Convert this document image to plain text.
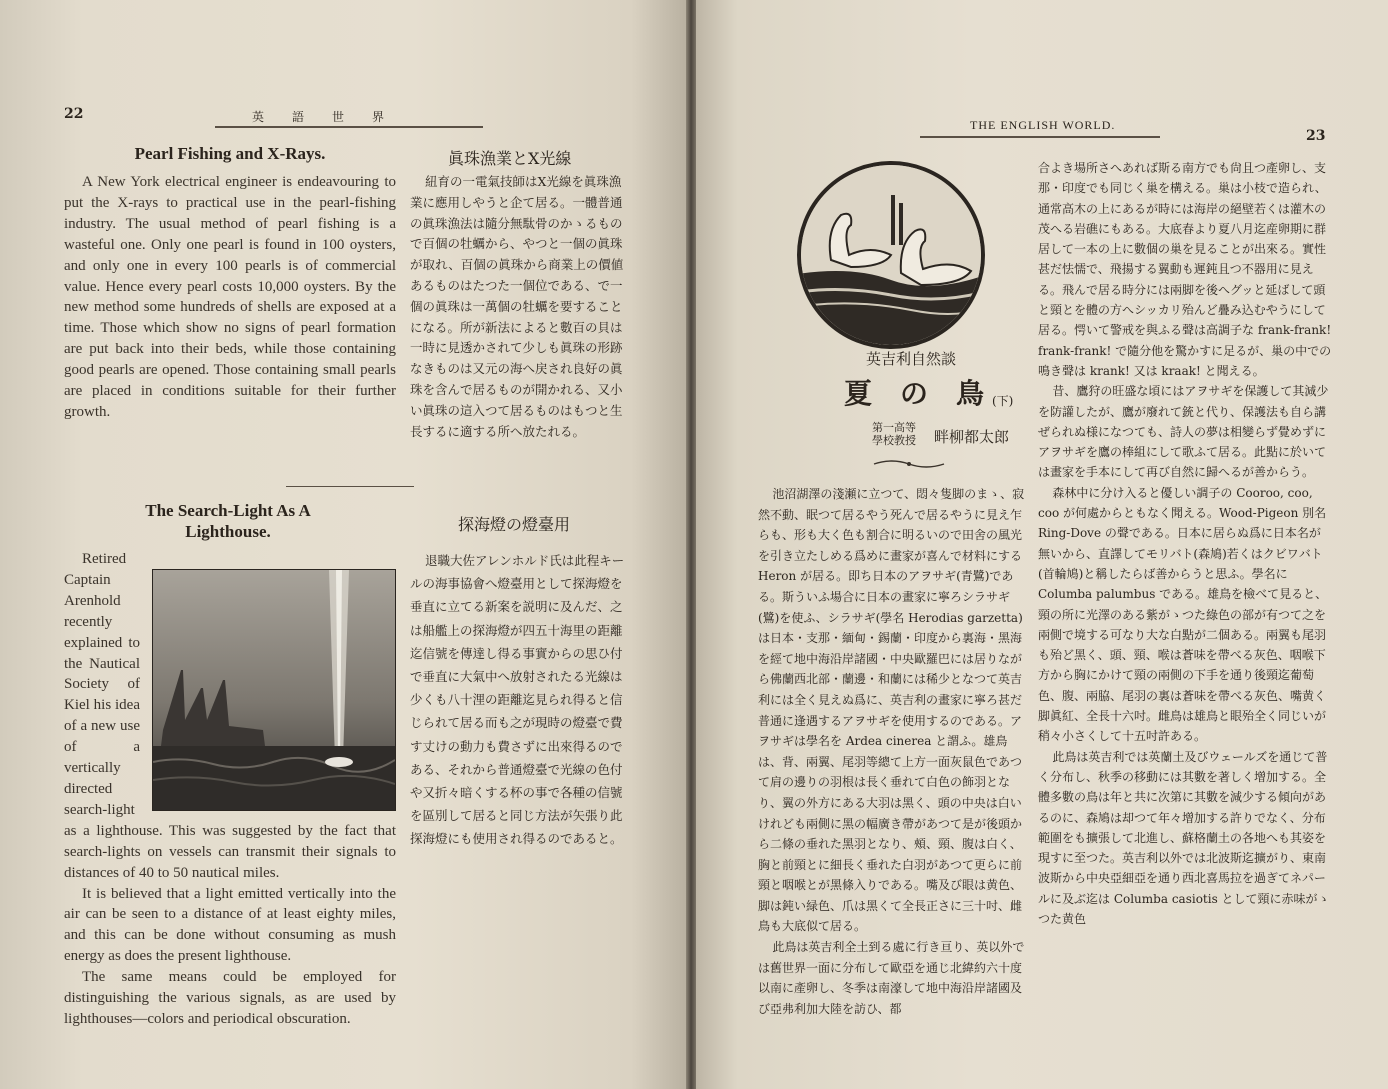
22	英　語　世　界
Pearl Fishing and X-Rays.	眞珠漁業とX光線

A New York electrical engineer is endeavouring to put the X-rays to practical use in the pearl-fishing industry. The usual method of pearl fishing is a wasteful one. Only one pearl is found in 100 oysters, and only one in every 100 pearls is of commercial value. Hence every pearl costs 10,000 oysters. By the new method some hundreds of shells are exposed at a time. Those which show no signs of pearl formation are put back into their beds, while those containing good pearls are opened. Those containing small pearls are placed in conditions suitable for their further growth.

紐育の一電氣技師はX光線を眞珠漁業に應用しやうと企て居る。一體普通の眞珠漁法は隨分無駄骨のかゝるもので百個の牡蠣から、やつと一個の眞珠が取れ、百個の眞珠から商業上の價値あるものはたつた一個位である、で一個の眞珠は一萬個の牡蠣を要することになる。所が新法によると數百の貝は一時に見透かされて少しも眞珠の形跡なきものは又元の海へ戻され良好の眞珠を含んで居るものが開かれる、又小い眞珠の這入つて居るものはもつと生長するに適する所へ放たれる。

The Search-Light As A Lighthouse.	探海燈の燈臺用

Retired Captain Arenhold recently explained to the Nautical Society of Kiel his idea of a new use of a vertically directed search-light as a lighthouse. This was suggested by the fact that search-lights on vessels can transmit their signals to distances of 40 to 50 nautical miles.

It is believed that a light emitted vertically into the air can be seen to a distance of at least eighty miles, and this can be done without consuming as mush energy as does the present lighthouse.

The same means could be employed for distinguishing the various signals, as are used by lighthouses—colors and periodical obscuration.

退職大佐アレンホルド氏は此程キールの海事協會へ燈臺用として探海燈を垂直に立てる新案を説明に及んだ、之は船艦上の探海燈が四五十海里の距離迄信號を傳達し得る事實からの思ひ付で垂直に大氣中へ放射されたる光線は少くも八十浬の距離迄見られ得ると信じられて居る而も之が現時の燈臺で費す丈けの動力も費さずに出來得るのである、それから普通燈臺で光線の色付や又折々暗くする杯の事で各種の信號を區別して居ると同じ方法が矢張り此探海燈にも使用され得るのであると。

THE ENGLISH WORLD.
23
英吉利自然談
夏　の　鳥 (下)
第一高等
學校教授 畔柳都太郎

池沼湖澤の淺瀬に立つて、悶々隻脚のまゝ、寂然不動、眠つて居るやう死んで居るやうに見え乍らも、形も大く色も割合に明るいので田舍の風光を引き立たしめる爲めに畫家が喜んで材料にする Heron が居る。即ち日本のアヲサギ(青鷺)である。斯ういふ場合に日本の畫家に寧ろシラサギ(鷺)を使ふ、シラサギ(學名 Herodias garzetta)は日本・支那・緬甸・錫蘭・印度から裏海・黑海を經て地中海沿岸諸國・中央歐羅巴には居りながら佛蘭西北部・蘭邊・和蘭には稀少となつて英吉利には全く見えぬ爲に、英吉利の畫家に寧ろ甚だ普通に逢遇するアヲサギを使用するのである。アヲサギは學名を Ardea cinerea と謂ふ。雄鳥は、背、兩翼、尾羽等總て上方一面灰鼠色であつて肩の邊りの羽根は長く垂れて白色の飾羽となり、翼の外方にある大羽は黑く、頭の中央は白いけれども兩側に黑の幅廣き帶があつて是が後頭から二條の垂れた黑羽となり、頰、頸、腹は白く、胸と前頸とに細長く垂れた白羽があつて更らに前頸と咽喉とが黑條入りである。嘴及び眼は黄色、脚は鈍い緑色、爪は黑くて全長正さに三十吋、雌鳥も大底似て居る。

此鳥は英吉利全土到る處に行き亘り、英以外では舊世界一面に分布して歐亞を通じ北緯約六十度以南に產卵し、冬季は南濠して地中海沿岸諸國及び亞弗利加大陸を訪ひ、都

合よき場所さへあれば斯る南方でも尙且つ產卵し、支那・印度でも同じく巢を構える。巢は小枝で造られ、通常高木の上にあるが時には海岸の絕壁若くは灌木の茂へる岩礁にもある。大底春より夏八月迄産卵期に群居して一本の上に數個の巢を見ることが出來る。實性甚だ怯懦で、飛揚する翼動も遲鈍且つ不器用に見える。飛んで居る時分には兩脚を後へグッと延ばして頭と頸とを體の方へシッカリ殆んど疊み込むやうにして居る。愕いて警戒を與ふる聲は高調子な frank-frank! frank-frank! で隨分他を驚かすに足るが、巢の中での鳴き聲は krank! 又は kraak! と聞える。

昔、鷹狩の旺盛な頃にはアヲサギを保護して其減少を防讙したが、鷹が廢れて銃と代り、保護法も自ら講ぜられぬ様になつても、詩人の夢は相變らず覺めずにアヲサギを鷹の棒組にして歌ふて居る。此點に於いては畫家を手本にして再び自然に歸へるが善からう。

森林中に分け入ると優しい調子の Cooroo, coo, coo が何處からともなく聞える。Wood-Pigeon 別名 Ring-Dove の聲である。日本に居らぬ爲に日本名が無いから、直譯してモリバト(森鳩)若くはクビワバト(首輪鳩)と稱したらば善からうと思ふ。學名に Columba palumbus である。雄鳥を檢べて見ると、頸の所に光澤のある紫がゝつた綠色の部が有つて之を兩側で境する可なり大な白點が二個ある。兩翼も尾羽も殆ど黑く、頭、頸、喉は蒼味を帶べる灰色、咽喉下方から胸にかけて頸の兩側の下手を通り後頸迄葡萄色、腹、兩脇、尾羽の裏は蒼味を帶べる灰色、嘴黄く脚眞紅、全長十六吋。雌鳥は雄鳥と眼殆全く同じいが稍々小さくして十五吋許ある。

此鳥は英吉利では英蘭土及びウェールズを通じて普く分布し、秋季の移動には其數を著しく增加する。全體多數の鳥は年と共に次第に其數を減少する傾向があるのに、森鳩は却つて年々增加する許りでなく、分布範圍をも擴張して北進し、蘇格蘭土の各地へも其姿を現すに至つた。英吉利以外では北波斯迄擴がり、東南波斯から中央亞細亞を通り西北喜馬拉を過ぎてネパールに及ぶ迄は Columba casiotis として頸に赤味がゝつた黄色
